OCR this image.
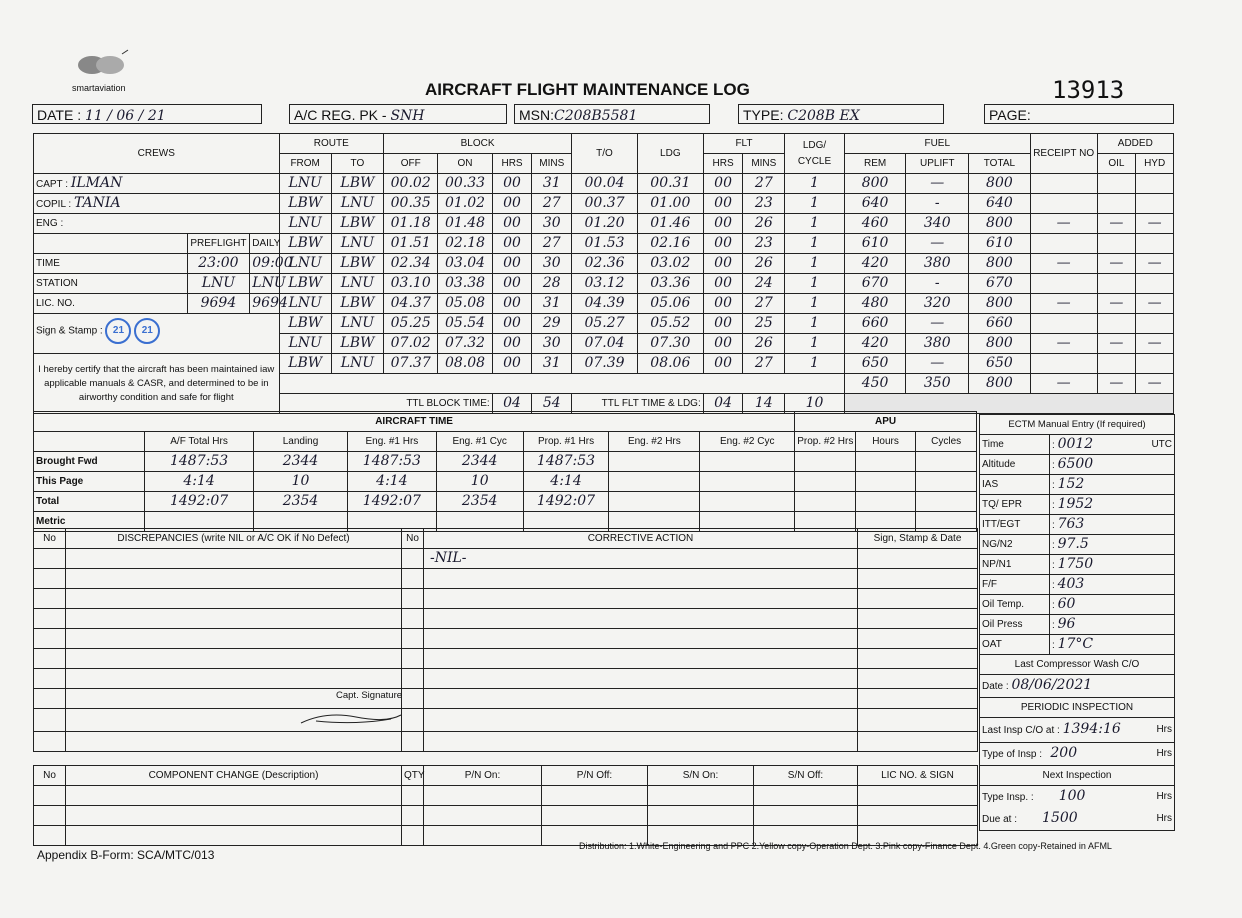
smartaviation	AIRCRAFT FLIGHT MAINTENANCE LOG	13913
DATE : 11 / 06 / 21	A/C REG. PK - SNH	MSN:C208B5581	TYPE: C208B EX	PAGE:
CREWS			ROUTE		BLOCK				T/O	LDG	FLT		LDG/ CYCLE	FUEL			RECEIPT NO	ADDED	
			FROM	TO	OFF	ON	HRS	MINS			HRS	MINS		REM	UPLIFT	TOTAL		OIL	HYD
CAPT : ILMAN			LNU	LBW	00.02	00.33	00	31	00.04	00.31	00	27	1	800	—	800			
COPIL : TANIA			LBW	LNU	00.35	01.02	00	27	00.37	01.00	00	23	1	640	-	640			
ENG :			LNU	LBW	01.18	01.48	00	30	01.20	01.46	00	26	1	460	340	800	—	—	—
	PREFLIGHT	DAILY	LBW	LNU	01.51	02.18	00	27	01.53	02.16	00	23	1	610	—	610			
TIME	23:00	09:00	LNU	LBW	02.34	03.04	00	30	02.36	03.02	00	26	1	420	380	800	—	—	—
STATION	LNU	LNU	LBW	LNU	03.10	03.38	00	28	03.12	03.36	00	24	1	670	-	670			
LIC. NO.	9694	9694	LNU	LBW	04.37	05.08	00	31	04.39	05.06	00	27	1	480	320	800	—	—	—
Sign & Stamp : 21 21			LBW	LNU	05.25	05.54	00	29	05.27	05.52	00	25	1	660	—	660			
			LNU	LBW	07.02	07.32	00	30	07.04	07.30	00	26	1	420	380	800	—	—	—
I hereby certify that the aircraft has been maintained iaw applicable manuals & CASR, and determined to be in airworthy condition and safe for flight			LBW	LNU	07.37	08.08	00	31	07.39	08.06	00	27	1	650	—	650			
														450	350	800	—	—	—
			TTL BLOCK TIME:				04	54	TTL FLT TIME & LDG:		04	14	10						
AIRCRAFT TIME								APU		
	A/F Total Hrs	Landing	Eng. #1 Hrs	Eng. #1 Cyc	Prop. #1 Hrs	Eng. #2 Hrs	Eng. #2 Cyc	Prop. #2 Hrs	Hours	Cycles
Brought Fwd	1487:53	2344	1487:53	2344	1487:53					
This Page	4:14	10	4:14	10	4:14					
Total	1492:07	2354	1492:07	2354	1492:07					
Metric										
No	DISCREPANCIES (write NIL or A/C OK if No Defect)	No	CORRECTIVE ACTION	Sign, Stamp & Date
			-NIL-	

	Capt. Signature			

No	COMPONENT CHANGE (Description)	QTY	P/N On:	P/N Off:	S/N On:	S/N Off:	LIC NO. & SIGN

ECTM Manual Entry (If required)	
Time	: 0012 UTC

Altitude	: 6500
IAS	: 152
TQ/ EPR	: 1952
ITT/EGT	: 763
NG/N2	: 97.5
NP/N1	: 1750
F/F	: 403
Oil Temp.	: 60
Oil Press	: 96
OAT	: 17°C
Last Compressor Wash C/O	
Date : 08/06/2021	
PERIODIC INSPECTION	
Last Insp C/O at : 1394:16 Hrs	

Type of Insp :   200 Hrs	

Next Inspection	
Type Insp. :         100 Hrs	

Due at :         1500 Hrs	
Appendix B-Form: SCA/MTC/013
Distribution: 1.White-Engineering and PPC 2.Yellow copy-Operation Dept. 3.Pink copy-Finance Dept. 4.Green copy-Retained in AFML
